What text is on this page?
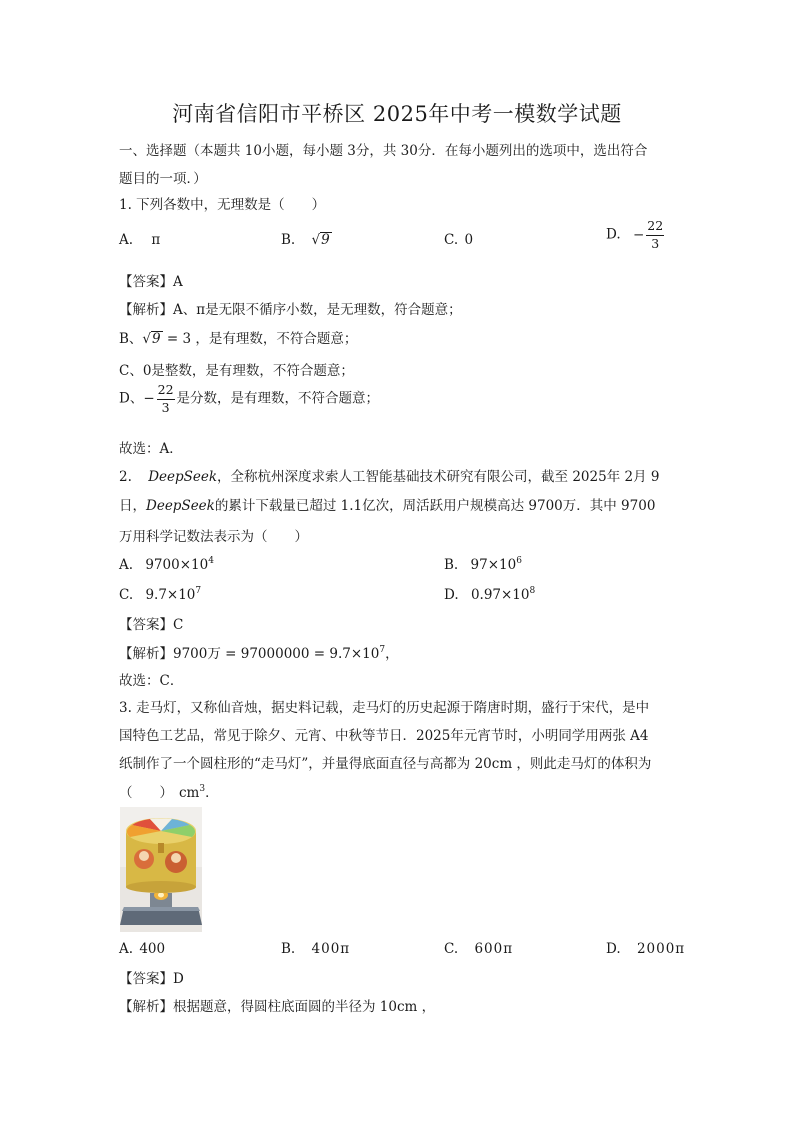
河南省信阳市平桥区 2025年中考一模数学试题
一、选择题（本题共 10小题，每小题 3分，共 30分．在每小题列出的选项中，选出符合
题目的一项．）
1. 下列各数中，无理数是（　　）
A. π	B. √9	C. 0	D. − $\frac{22}{3}$
【答案】A
【解析】A、π是无限不循序小数，是无理数，符合题意；
B、√9 = 3 ，是有理数，不符合题意；
C、0是整数，是有理数，不符合题意；
D、− $\frac{22}{3}$ 是分数，是有理数，不符合题意；
故选：A．
2. DeepSeek，全称杭州深度求索人工智能基础技术研究有限公司，截至 2025年 2月 9
日，DeepSeek的累计下载量已超过 1.1亿次，周活跃用户规模高达 9700万．其中 9700
万用科学记数法表示为（　　）
A. $9700\times 10^4$	B. $97\times 10^6$
C. $9.7\times 10^7$	D. $0.97\times 10^8$
【答案】C
【解析】9700万 = $97000000 = 9.7\times 10^7$，
故选：C．
3. 走马灯，又称仙音烛，据史料记载，走马灯的历史起源于隋唐时期，盛行于宋代，是中
国特色工艺品，常见于除夕、元宵、中秋等节日．2025年元宵节时，小明同学用两张 A4
纸制作了一个圆柱形的“走马灯”，并量得底面直径与高都为 20cm ，则此走马灯的体积为
（　　） $cm^3$．
A. 400	B. 400π	C. 600π	D. 2000π
【答案】D
【解析】根据题意，得圆柱底面圆的半径为 10cm ，
